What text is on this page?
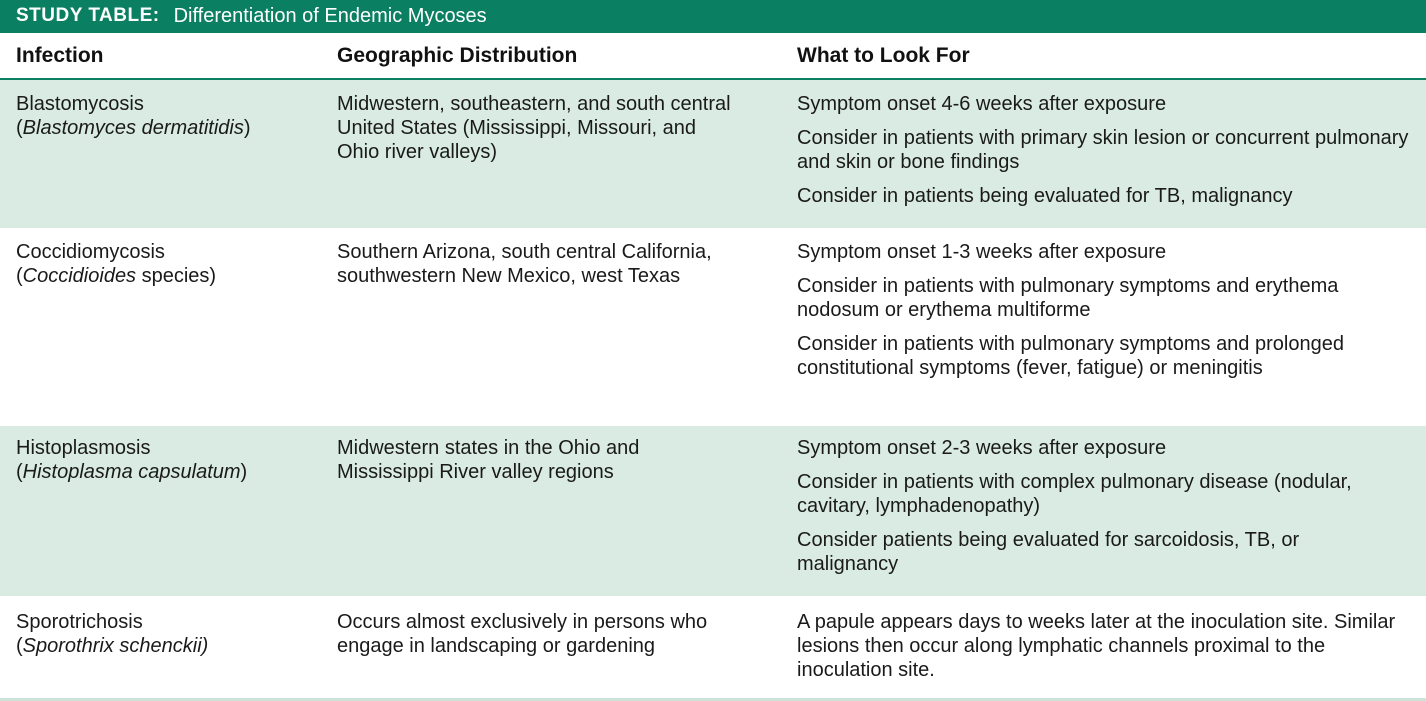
STUDY TABLE: Differentiation of Endemic Mycoses
Infection	Geographic Distribution	What to Look For
Blastomycosis
(Blastomyces dermatitidis)
Midwestern, southeastern, and south central United States (Mississippi, Missouri, and Ohio river valleys)
Symptom onset 4-6 weeks after exposure
Consider in patients with primary skin lesion or concurrent pulmonary and skin or bone findings
Consider in patients being evaluated for TB, malignancy
Coccidiomycosis
(Coccidioides species)
Southern Arizona, south central California, southwestern New Mexico, west Texas
Symptom onset 1-3 weeks after exposure
Consider in patients with pulmonary symptoms and erythema nodosum or erythema multiforme
Consider in patients with pulmonary symptoms and prolonged constitutional symptoms (fever, fatigue) or meningitis
Histoplasmosis
(Histoplasma capsulatum)
Midwestern states in the Ohio and Mississippi River valley regions
Symptom onset 2-3 weeks after exposure
Consider in patients with complex pulmonary disease (nodular, cavitary, lymphadenopathy)
Consider patients being evaluated for sarcoidosis, TB, or malignancy
Sporotrichosis
(Sporothrix schenckii)
Occurs almost exclusively in persons who engage in landscaping or gardening
A papule appears days to weeks later at the inoculation site. Similar lesions then occur along lymphatic channels proximal to the inoculation site.
